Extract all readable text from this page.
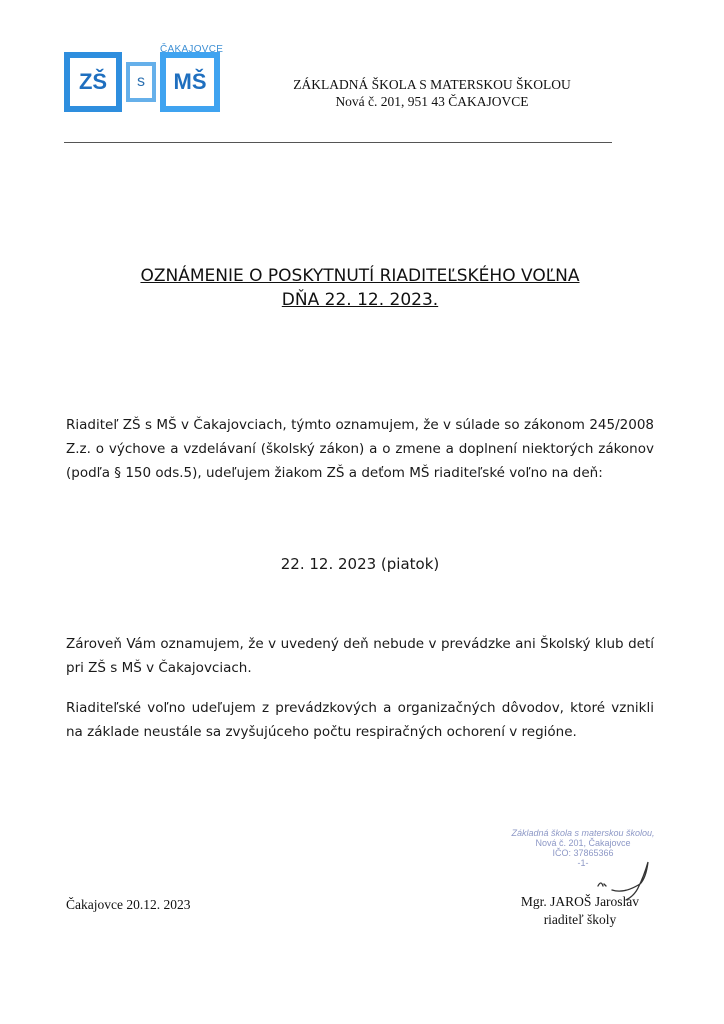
ČAKAJOVCE
ZŠ	s	MŠ	ZÁKLADNÁ ŠKOLA S MATERSKOU ŠKOLOU
Nová č. 201, 951 43 ČAKAJOVCE
OZNÁMENIE O POSKYTNUTÍ RIADITEĽSKÉHO VOĽNA
DŇA 22. 12. 2023.
Riaditeľ ZŠ s MŠ v Čakajovciach, týmto oznamujem, že v súlade so zákonom 245/2008 Z.z. o výchove a vzdelávaní (školský zákon) a o zmene a doplnení niektorých zákonov (podľa § 150 ods.5), udeľujem žiakom ZŠ a deťom MŠ riaditeľské voľno na deň:
22. 12. 2023 (piatok)
Zároveň Vám oznamujem, že v uvedený deň nebude v prevádzke ani Školský klub detí pri ZŠ s MŠ v Čakajovciach.
Riaditeľské voľno udeľujem z prevádzkových a organizačných dôvodov, ktoré vznikli na základe neustále sa zvyšujúceho počtu respiračných ochorení v regióne.
Čakajovce 20.12. 2023
Základná škola s materskou školou,
Nová č. 201, Čakajovce
IČO: 37865366
-1-
Mgr. JAROŠ Jaroslav
riaditeľ školy
